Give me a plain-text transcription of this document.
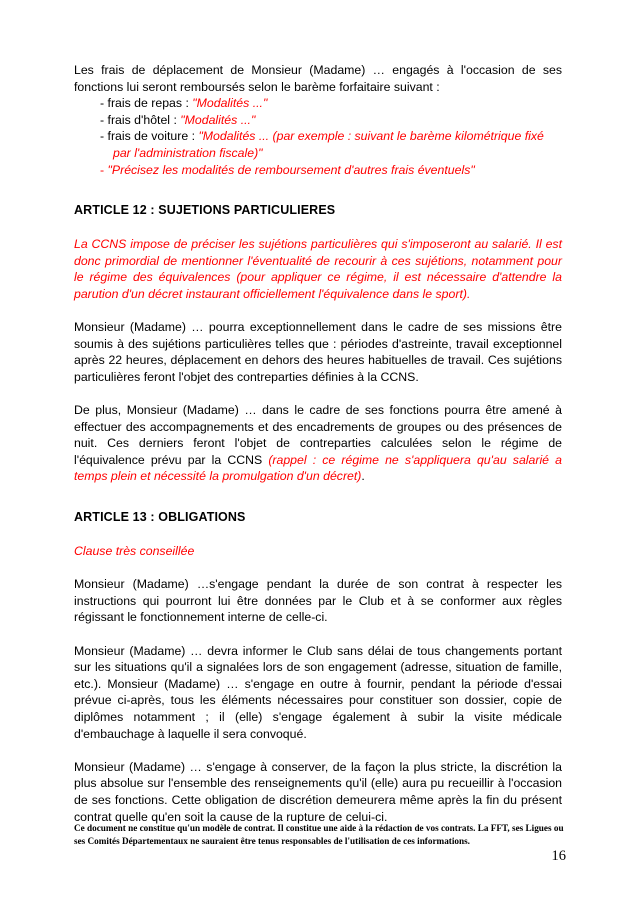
Les frais de déplacement de Monsieur (Madame) … engagés à l'occasion de ses fonctions lui seront remboursés selon le barème forfaitaire suivant :

- frais de repas : "Modalités ..."
- frais d'hôtel : "Modalités ..."
- frais de voiture : "Modalités ... (par exemple : suivant le barème kilométrique fixé par l'administration fiscale)"
- "Précisez les modalités de remboursement d'autres frais éventuels"
ARTICLE 12 : SUJETIONS PARTICULIERES

La CCNS impose de préciser les sujétions particulières qui s'imposeront au salarié. Il est donc primordial de mentionner l'éventualité de recourir à ces sujétions, notamment pour le régime des équivalences (pour appliquer ce régime, il est nécessaire d'attendre la parution d'un décret instaurant officiellement l'équivalence dans le sport).

Monsieur (Madame) … pourra exceptionnellement dans le cadre de ses missions être soumis à des sujétions particulières telles que : périodes d'astreinte, travail exceptionnel après 22 heures, déplacement en dehors des heures habituelles de travail. Ces sujétions particulières feront l'objet des contreparties définies à la CCNS.

De plus, Monsieur (Madame) … dans le cadre de ses fonctions pourra être amené à effectuer des accompagnements et des encadrements de groupes ou des présences de nuit. Ces derniers feront l'objet de contreparties calculées selon le régime de l'équivalence prévu par la CCNS (rappel : ce régime ne s'appliquera qu'au salarié a temps plein et nécessité la promulgation d'un décret).

ARTICLE 13 : OBLIGATIONS

Clause très conseillée

Monsieur (Madame) …s'engage pendant la durée de son contrat à respecter les instructions qui pourront lui être données par le Club et à se conformer aux règles régissant le fonctionnement interne de celle-ci.

Monsieur (Madame) … devra informer le Club sans délai de tous changements portant sur les situations qu'il a signalées lors de son engagement (adresse, situation de famille, etc.). Monsieur (Madame) … s'engage en outre à fournir, pendant la période d'essai prévue ci-après, tous les éléments nécessaires pour constituer son dossier, copie de diplômes notamment ; il (elle) s'engage également à subir la visite médicale d'embauchage à laquelle il sera convoqué.

Monsieur (Madame) … s'engage à conserver, de la façon la plus stricte, la discrétion la plus absolue sur l'ensemble des renseignements qu'il (elle) aura pu recueillir à l'occasion de ses fonctions. Cette obligation de discrétion demeurera même après la fin du présent contrat quelle qu'en soit la cause de la rupture de celui-ci.

Ce document ne constitue qu'un modèle de contrat. Il constitue une aide à la rédaction de vos contrats. La FFT, ses Ligues ou ses Comités Départementaux ne sauraient être tenus responsables de l'utilisation de ces informations.

16
